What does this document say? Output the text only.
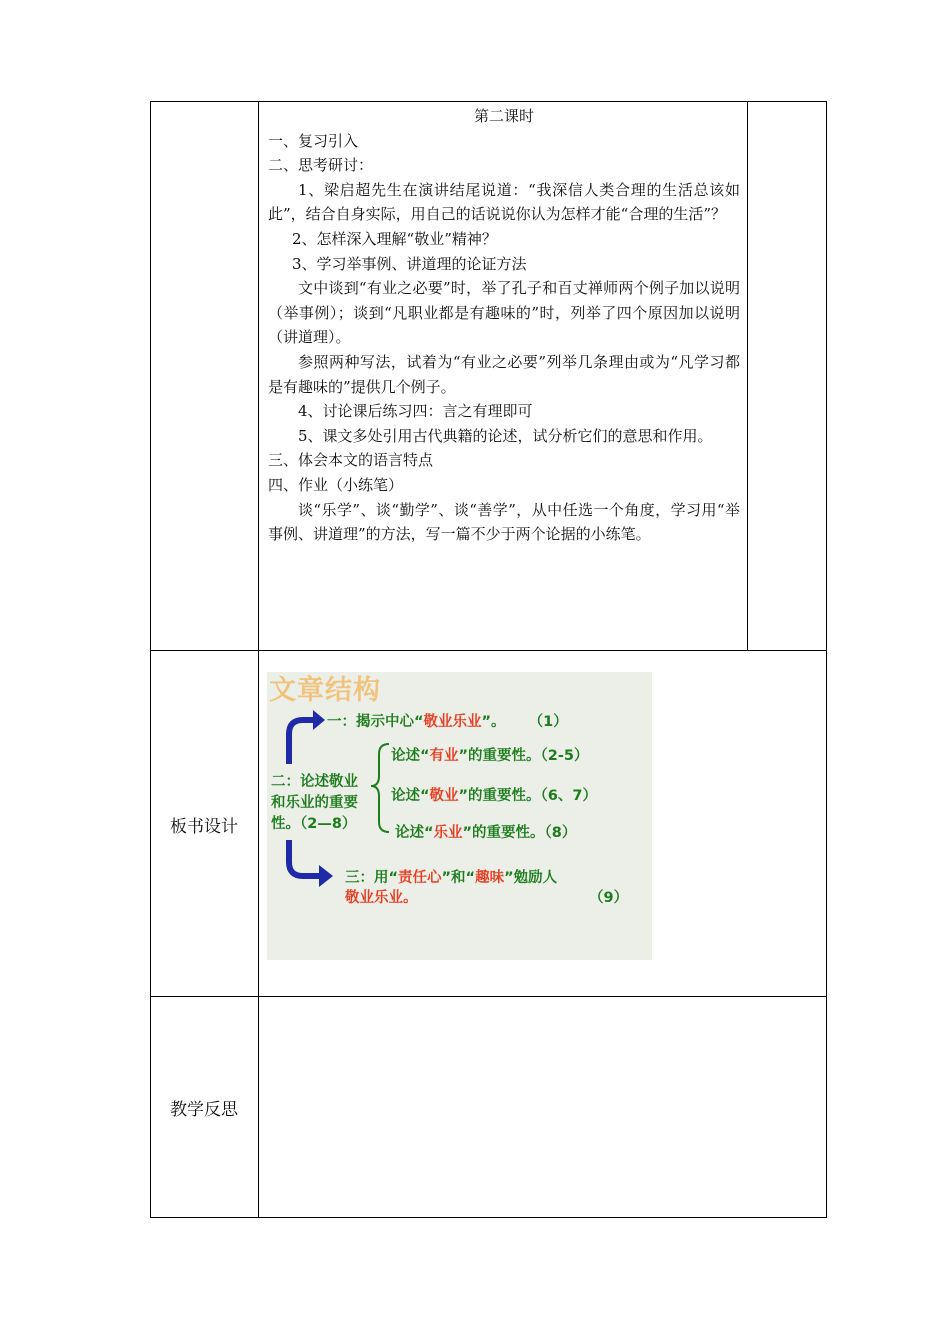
第二课时

一、复习引入

二、思考研讨：

1、梁启超先生在演讲结尾说道：“我深信人类合理的生活总该如此”，结合自身实际，用自己的话说说你认为怎样才能“合理的生活”？

2、怎样深入理解“敬业”精神？

3、学习举事例、讲道理的论证方法

文中谈到“有业之必要”时，举了孔子和百丈禅师两个例子加以说明（举事例）；谈到“凡职业都是有趣味的”时，列举了四个原因加以说明（讲道理）。

参照两种写法，试着为“有业之必要”列举几条理由或为“凡学习都是有趣味的”提供几个例子。

4、讨论课后练习四：言之有理即可

5、课文多处引用古代典籍的论述，试分析它们的意思和作用。

三、体会本文的语言特点

四、作业（小练笔）

谈“乐学”、谈“勤学”、谈“善学”，从中任选一个角度，学习用“举事例、讲道理”的方法，写一篇不少于两个论据的小练笔。

板书设计
教学反思
文章结构
一：揭示中心“敬业乐业”。 （1）
二：论述敬业
和乐业的重要
性。（2—8）
论述“有业”的重要性。（2-5）
论述“敬业”的重要性。（6、7）
论述“乐业”的重要性。（8）
三：用“责任心”和“趣味”勉励人
敬业乐业。	（9）
